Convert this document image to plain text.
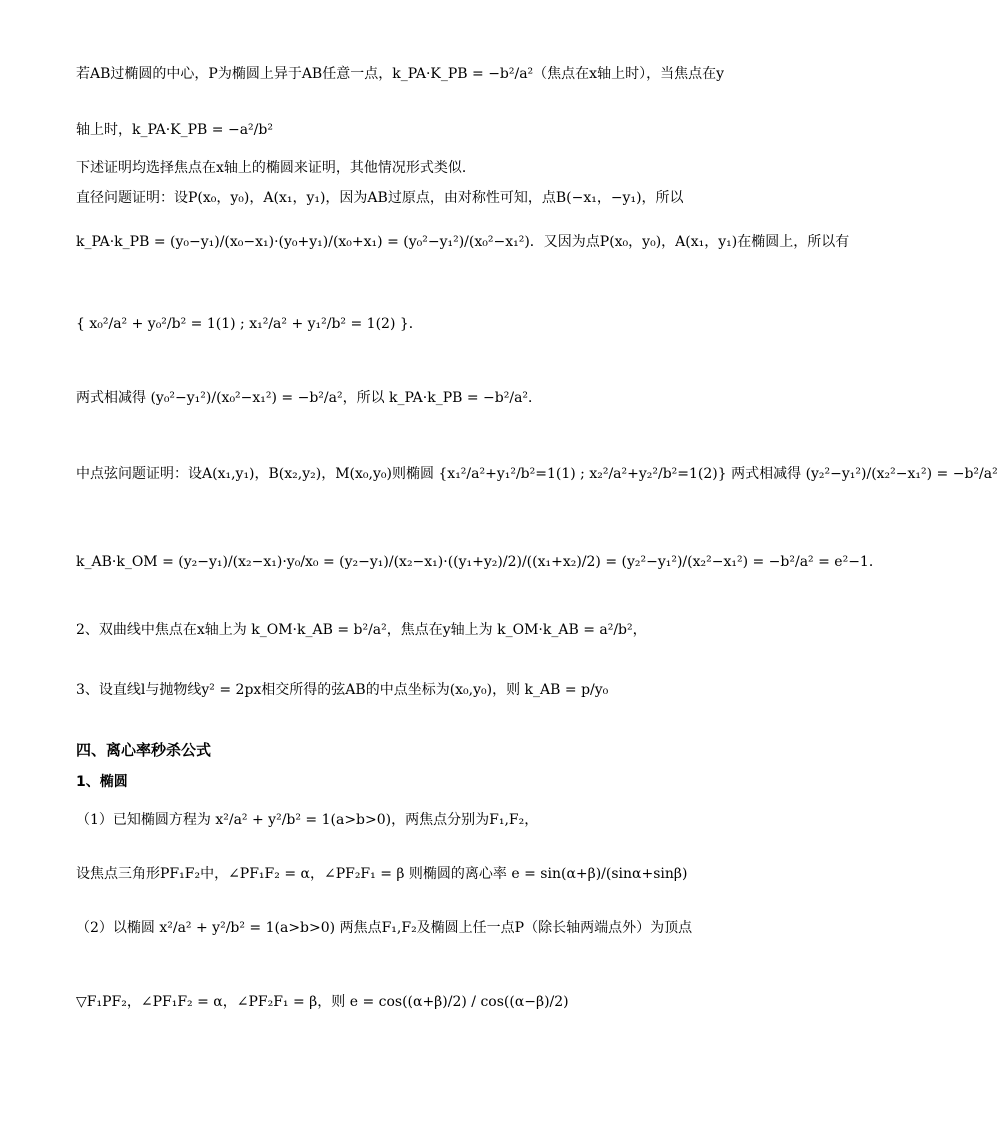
若AB过椭圆的中心，P为椭圆上异于AB任意一点，k_PA·K_PB = −b²/a²（焦点在x轴上时），当焦点在y
轴上时，k_PA·K_PB = −a²/b²
下述证明均选择焦点在x轴上的椭圆来证明，其他情况形式类似．
直径问题证明：设P(x₀，y₀)，A(x₁，y₁)，因为AB过原点，由对称性可知，点B(−x₁，−y₁)，所以
k_PA·k_PB = (y₀−y₁)/(x₀−x₁)·(y₀+y₁)/(x₀+x₁) = (y₀²−y₁²)/(x₀²−x₁²)．又因为点P(x₀，y₀)，A(x₁，y₁)在椭圆上，所以有
{ x₀²/a² + y₀²/b² = 1(1) ; x₁²/a² + y₁²/b² = 1(2) }．
两式相减得 (y₀²−y₁²)/(x₀²−x₁²) = −b²/a²，所以 k_PA·k_PB = −b²/a²．
中点弦问题证明：设A(x₁,y₁)，B(x₂,y₂)，M(x₀,y₀)则椭圆 {x₁²/a²+y₁²/b²=1(1) ; x₂²/a²+y₂²/b²=1(2)} 两式相减得 (y₂²−y₁²)/(x₂²−x₁²) = −b²/a²
k_AB·k_OM = (y₂−y₁)/(x₂−x₁)·y₀/x₀ = (y₂−y₁)/(x₂−x₁)·((y₁+y₂)/2)/((x₁+x₂)/2) = (y₂²−y₁²)/(x₂²−x₁²) = −b²/a² = e²−1．
2、双曲线中焦点在x轴上为 k_OM·k_AB = b²/a²，焦点在y轴上为 k_OM·k_AB = a²/b²，
3、设直线l与抛物线y² = 2px相交所得的弦AB的中点坐标为(x₀,y₀)，则 k_AB = p/y₀
四、离心率秒杀公式
1、椭圆
（1）已知椭圆方程为 x²/a² + y²/b² = 1(a>b>0)，两焦点分别为F₁,F₂，
设焦点三角形PF₁F₂中，∠PF₁F₂ = α，∠PF₂F₁ = β 则椭圆的离心率 e = sin(α+β)/(sinα+sinβ)
（2）以椭圆 x²/a² + y²/b² = 1(a>b>0) 两焦点F₁,F₂及椭圆上任一点P（除长轴两端点外）为顶点
▽F₁PF₂，∠PF₁F₂ = α，∠PF₂F₁ = β，则 e = cos((α+β)/2) / cos((α−β)/2)
